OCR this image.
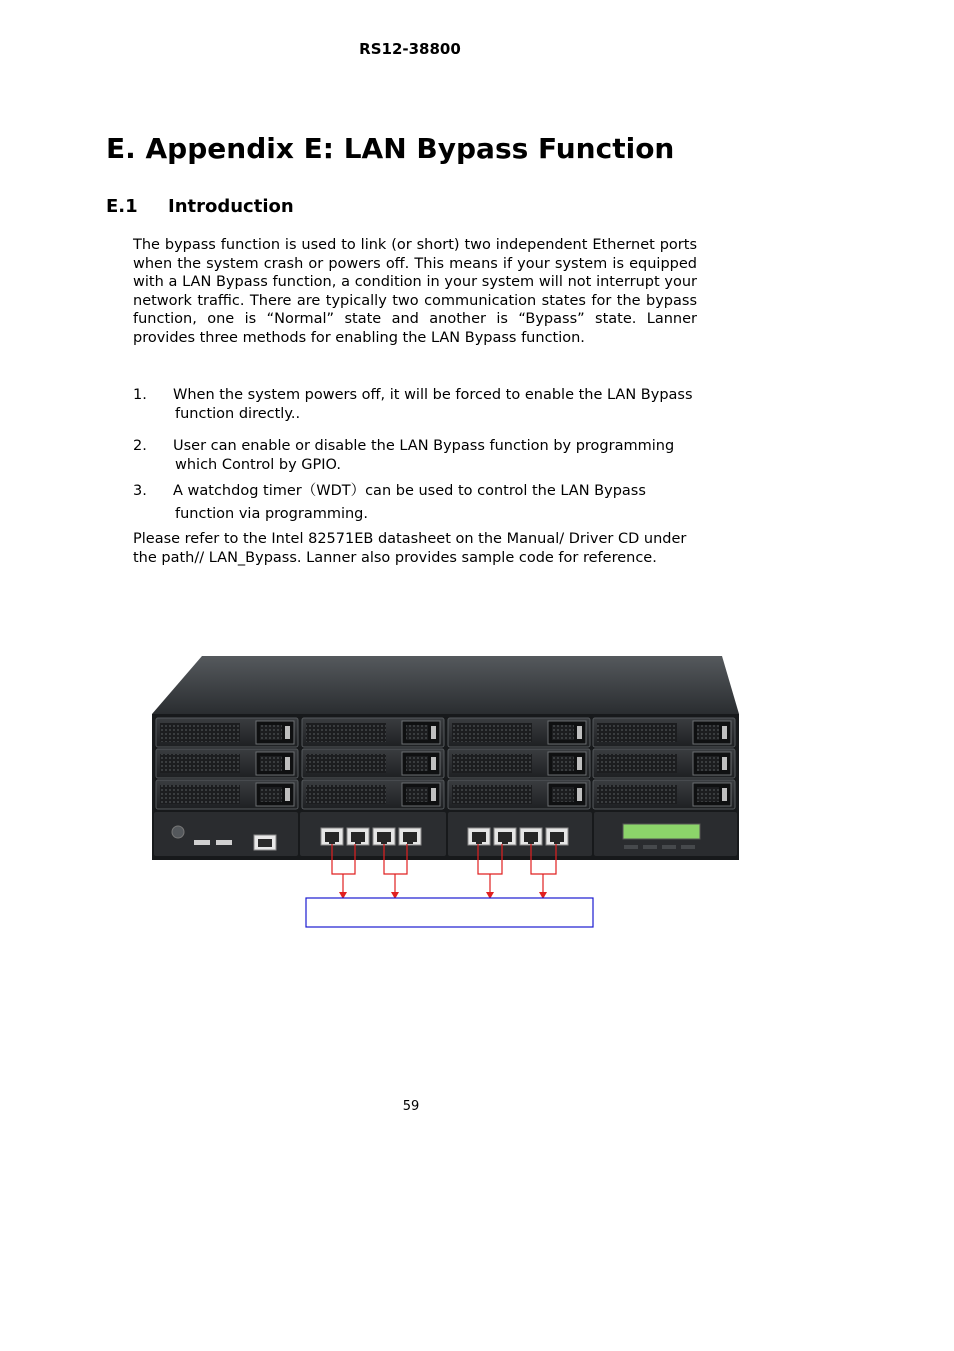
RS12-38800
E. Appendix E: LAN Bypass Function
E.1 Introduction

The bypass function is used to link (or short) two independent Ethernet ports when the system crash or powers off. This means if your system is equipped with a LAN Bypass function, a condition in your system will not interrupt your network traffic. There are typically two communication states for the bypass function, one is “Normal” state and another is “Bypass” state. Lanner provides three methods for enabling the LAN Bypass function.

1. When the system powers off, it will be forced to enable the LAN Bypass
function directly..
2. User can enable or disable the LAN Bypass function by programming
which Control by GPIO.
3. A watchdog timer（WDT）can be used to control the LAN Bypass
function via programming.

Please refer to the Intel 82571EB datasheet on the Manual/ Driver CD under the path// LAN_Bypass. Lanner also provides sample code for reference.

59
